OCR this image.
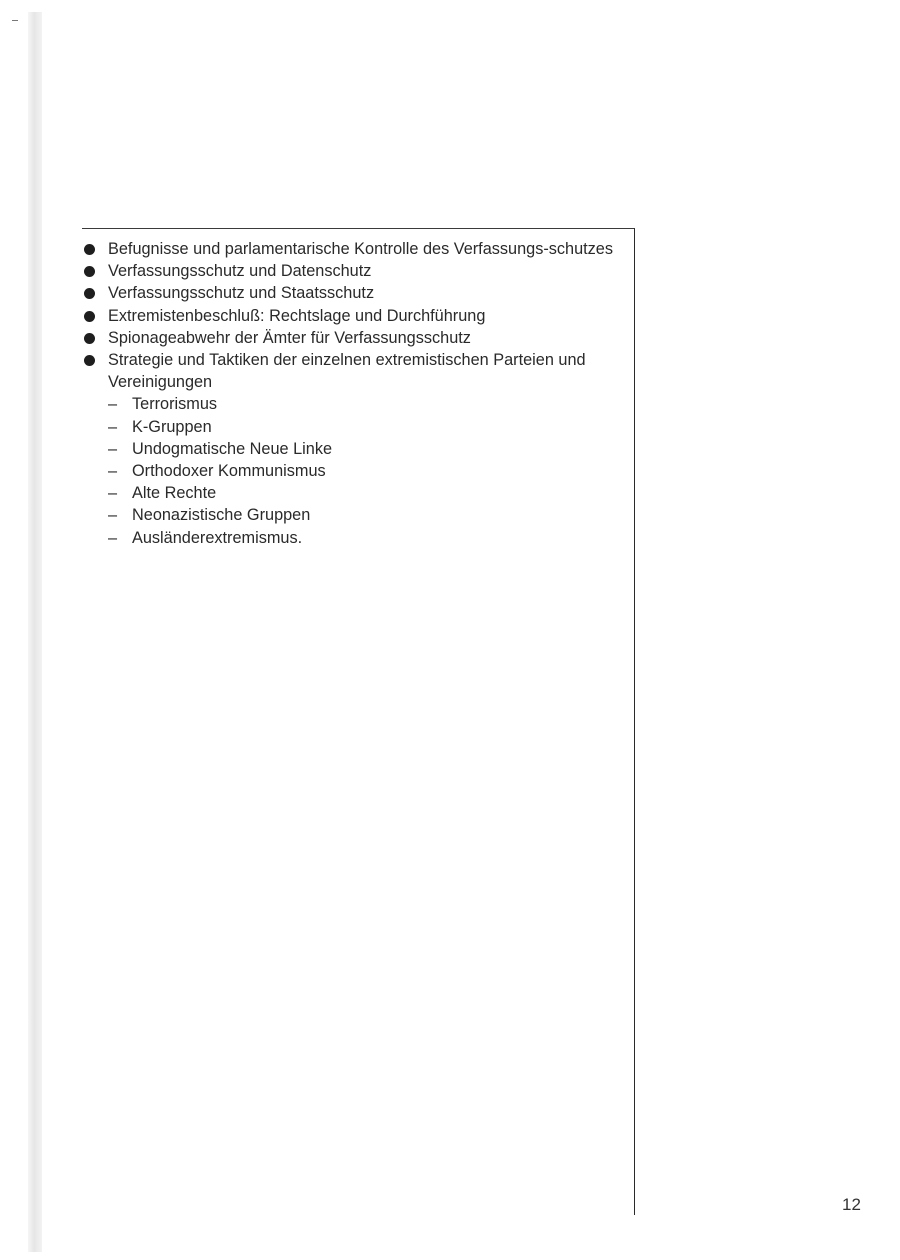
Befugnisse und parlamentarische Kontrolle des Verfassungs-schutzes
Verfassungsschutz und Datenschutz
Verfassungsschutz und Staatsschutz
Extremistenbeschluß: Rechtslage und Durchführung
Spionageabwehr der Ämter für Verfassungsschutz
Strategie und Taktiken der einzelnen extremistischen Parteien und Vereinigungen
– Terrorismus
– K-Gruppen
– Undogmatische Neue Linke
– Orthodoxer Kommunismus
– Alte Rechte
– Neonazistische Gruppen
– Ausländerextremismus.
12
